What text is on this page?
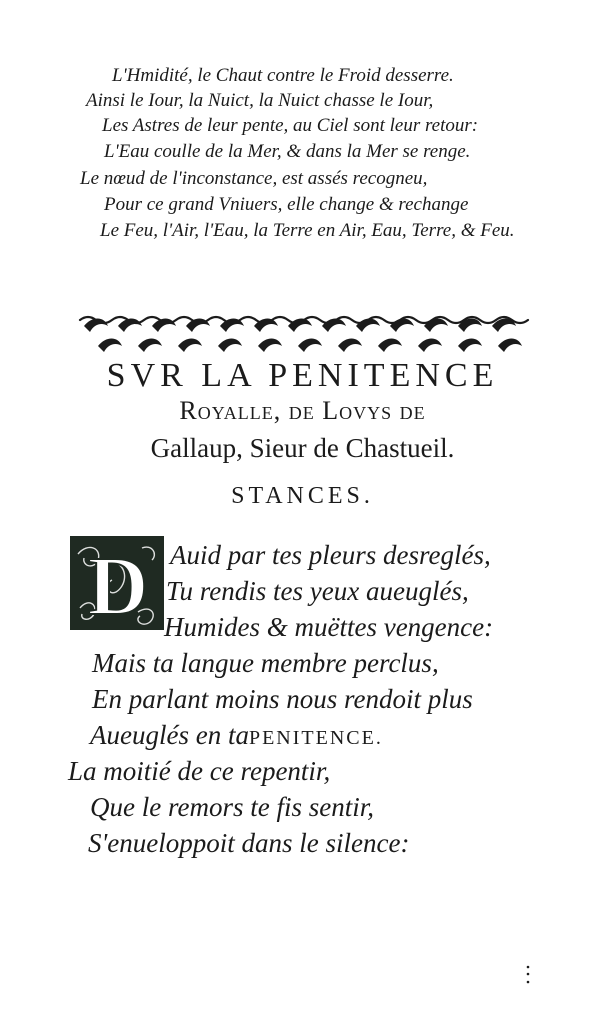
L'Hmidité, le Chaut contre le Froid desserre.
Ainsi le Iour, la Nuict, la Nuict chasse le Iour,
Les Astres de leur pente, au Ciel sont leur retour:
L'Eau coulle de la Mer, & dans la Mer se renge.
Le nœud de l'inconstance, est assés recogneu,
Pour ce grand Vniuers, elle change & rechange
Le Feu, l'Air, l'Eau, la Terre en Air, Eau, Terre, & Feu.
SVR LA PENITENCE
Royalle, de Lovys de
Gallaup, Sieur de Chastueil.
STANCES.
D Auid par tes pleurs desreglés,
Tu rendis tes yeux aueuglés,
Humides & muëttes vengence:
Mais ta langue membre perclus,
En parlant moins nous rendoit plus
Aueuglés en taPENITENCE.
La moitié de ce repentir,
Que le remors te fis sentir,
S'enueloppoit dans le silence:
